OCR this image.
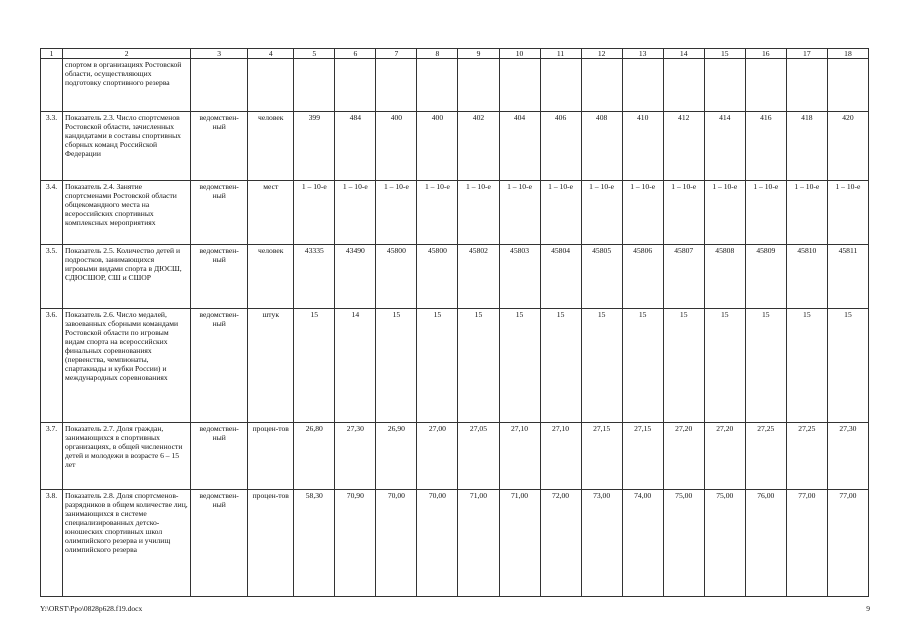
1	2	3	4	5	6	7	8	9	10	11	12	13	14	15	16	17	18
	спортом в организациях Ростовской области, осуществляющих подготовку спортивного резерва																
3.3.	Показатель 2.3. Число спортсменов Ростовской области, зачисленных кандидатами в составы спортивных сборных команд Российской Федерации	ведомствен-ный	человек	399	484	400	400	402	404	406	408	410	412	414	416	418	420
3.4.	Показатель 2.4. Занятие спортсменами Ростовской области общекомандного места на всероссийских спортивных комплексных мероприятиях	ведомствен-ный	мест	1 – 10-е	1 – 10-е	1 – 10-е	1 – 10-е	1 – 10-е	1 – 10-е	1 – 10-е	1 – 10-е	1 – 10-е	1 – 10-е	1 – 10-е	1 – 10-е	1 – 10-е	1 – 10-е
3.5.	Показатель 2.5. Количество детей и подростков, занимающихся игровыми видами спорта в ДЮСШ, СДЮСШОР, СШ и СШОР	ведомствен-ный	человек	43335	43490	45800	45800	45802	45803	45804	45805	45806	45807	45808	45809	45810	45811
3.6.	Показатель 2.6. Число медалей, завоеванных сборными командами Ростовской области по игровым видам спорта на всероссийских финальных соревнованиях (первенства, чемпионаты, спартакиады и кубки России) и международных соревнованиях	ведомствен-ный	штук	15	14	15	15	15	15	15	15	15	15	15	15	15	15
3.7.	Показатель 2.7. Доля граждан, занимающихся в спортивных организациях, в общей численности детей и молодежи в возрасте 6 – 15 лет	ведомствен-ный	процен-тов	26,80	27,30	26,90	27,00	27,05	27,10	27,10	27,15	27,15	27,20	27,20	27,25	27,25	27,30
3.8.	Показатель 2.8. Доля спортсменов-разрядников в общем количестве лиц, занимающихся в системе специализированных детско-юношеских спортивных школ олимпийского резерва и училищ олимпийского резерва	ведомствен-ный	процен-тов	58,30	70,90	70,00	70,00	71,00	71,00	72,00	73,00	74,00	75,00	75,00	76,00	77,00	77,00
Y:\ORST\Ppo\0828p628.f19.docx	9
